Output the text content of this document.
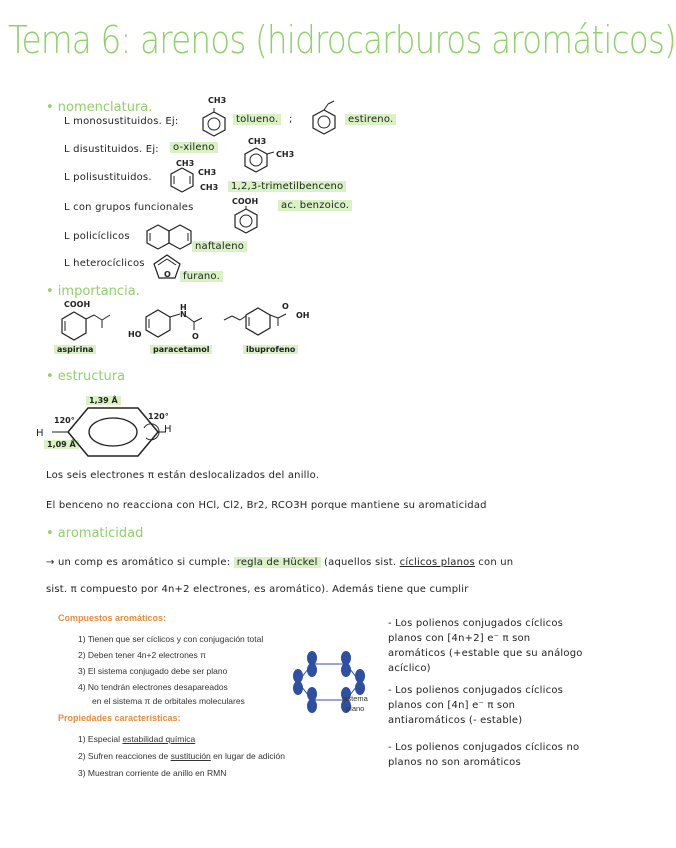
Tema 6: arenos (hidrocarburos aromáticos)
• nomenclatura.
L monosustituidos. Ej:
CH3
tolueno.	;	estireno.
L disustituidos. Ej:	o-xileno
CH3
CH3
L polisustituidos.
CH3
CH3
CH3	1,2,3-trimetilbenceno
L con grupos funcionales
COOH	ac. benzoico.
L policíclicos
naftaleno
L heterocíclicos
O	furano.
• importancia.
COOH
aspirina
HO
H
N
O
paracetamol
OH
O
ibuprofeno
• estructura
1,39 Å
120°	120°
H	H
1,09 Å
Los seis electrones π están deslocalizados del anillo.
El benceno no reacciona con HCl, Cl2, Br2, RCO3H porque mantiene su aromaticidad
• aromaticidad
→ un comp es aromático si cumple: regla de Hückel (aquellos sist. cíclicos planos con un
sist. π compuesto por 4n+2 electrones, es aromático). Además tiene que cumplir
Compuestos aromáticos:
1) Tienen que ser cíclicos y con conjugación total
2) Deben tener 4n+2 electrones π
3) El sistema conjugado debe ser plano
4) No tendrán electrones desapareados
en el sistema π de orbitales moleculares
Propiedades características:
1) Especial estabilidad química
2) Sufren reacciones de sustitución en lugar de adición
3) Muestran corriente de anillo en RMN
sistema
plano
- Los polienos conjugados cíclicos
planos con [4n+2] e⁻ π son
aromáticos (+estable que su análogo
acíclico)
- Los polienos conjugados cíclicos
planos con [4n] e⁻ π son
antiaromáticos (- estable)
- Los polienos conjugados cíclicos no
planos no son aromáticos
